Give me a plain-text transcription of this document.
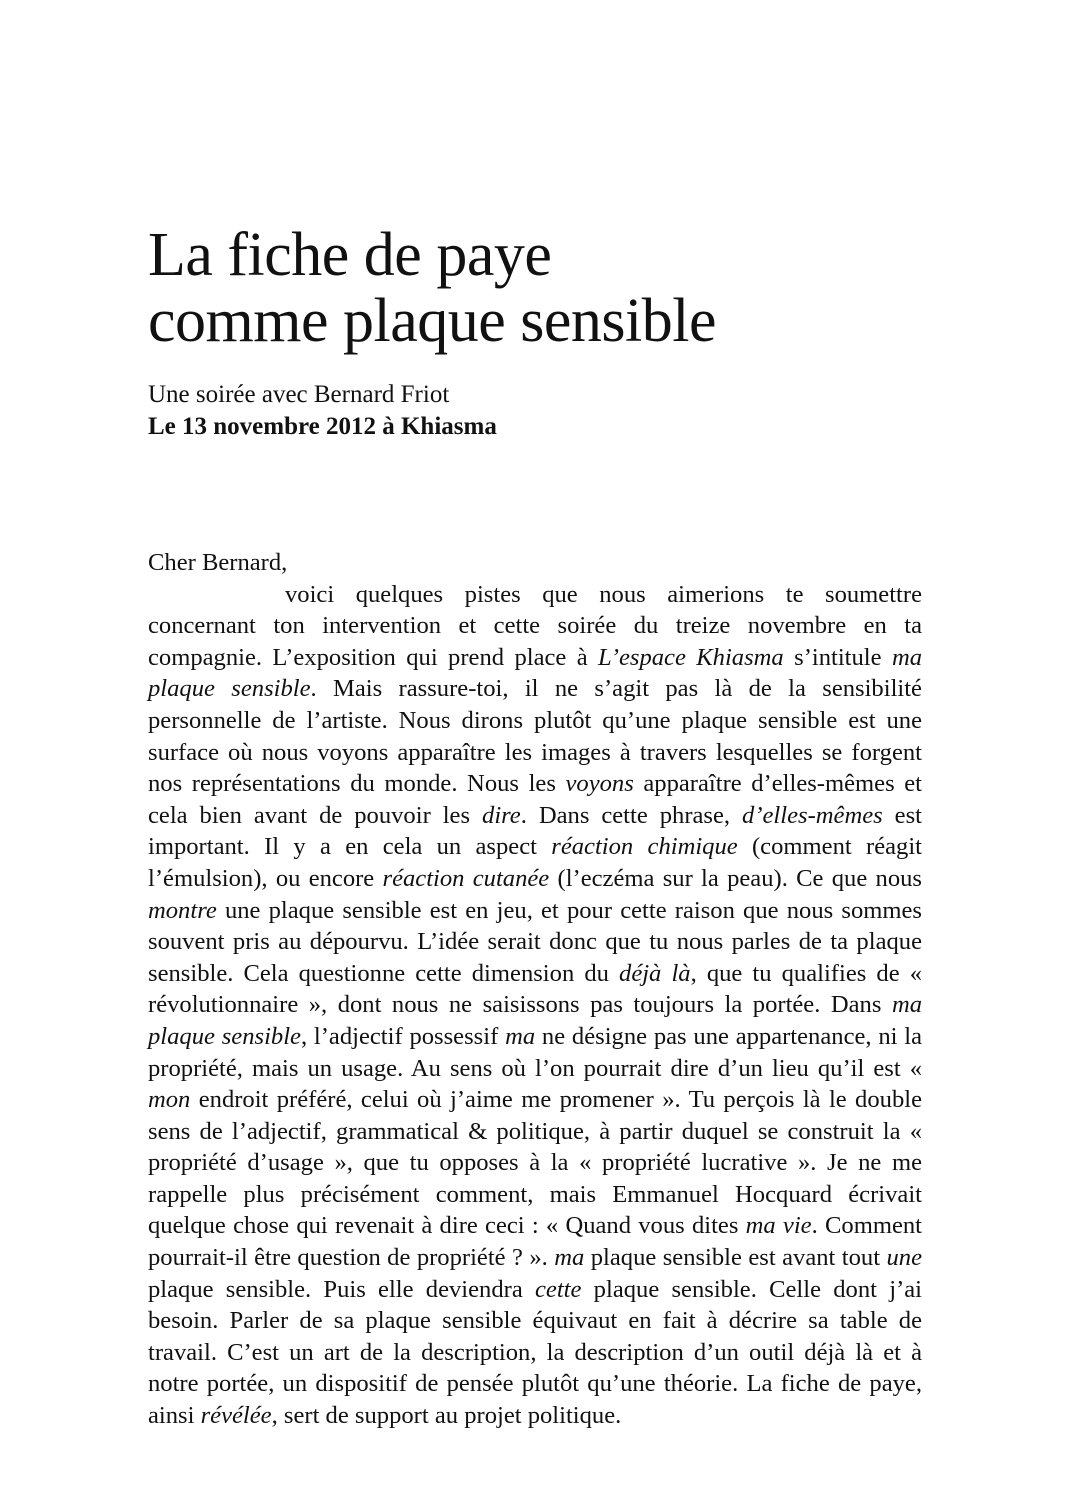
La fiche de paye
comme plaque sensible
Une soirée avec Bernard Friot
Le 13 novembre 2012 à Khiasma
Cher Bernard,

voici quelques pistes que nous aimerions te soumettre concernant ton intervention et cette soirée du treize novembre en ta compagnie. L’exposition qui prend place à L’espace Khiasma s’intitule ma plaque sensible. Mais rassure-toi, il ne s’agit pas là de la sensibilité personnelle de l’artiste. Nous dirons plutôt qu’une plaque sensible est une surface où nous voyons apparaître les images à travers lesquelles se forgent nos représentations du monde. Nous les voyons apparaître d’elles-mêmes et cela bien avant de pouvoir les dire. Dans cette phrase, d’elles-mêmes est important. Il y a en cela un aspect réaction chimique (comment réagit l’émulsion), ou encore réaction cutanée (l’eczéma sur la peau). Ce que nous montre une plaque sensible est en jeu, et pour cette raison que nous sommes souvent pris au dépourvu. L’idée serait donc que tu nous parles de ta plaque sensible. Cela questionne cette dimension du déjà là, que tu qualifies de « révolutionnaire », dont nous ne saisissons pas toujours la portée. Dans ma plaque sensible, l’adjectif possessif ma ne désigne pas une appartenance, ni la propriété, mais un usage. Au sens où l’on pourrait dire d’un lieu qu’il est « mon endroit préféré, celui où j’aime me promener ». Tu perçois là le double sens de l’adjectif, grammatical & politique, à partir duquel se construit la « propriété d’usage », que tu opposes à la « propriété lucrative ». Je ne me rappelle plus précisément comment, mais Emmanuel Hocquard écrivait quelque chose qui revenait à dire ceci : « Quand vous dites ma vie. Comment pourrait-il être question de propriété ? ». ma plaque sensible est avant tout une plaque sensible. Puis elle deviendra cette plaque sensible. Celle dont j’ai besoin. Parler de sa plaque sensible équivaut en fait à décrire sa table de travail. C’est un art de la description, la description d’un outil déjà là et à notre portée, un dispositif de pensée plutôt qu’une théorie. La fiche de paye, ainsi révélée, sert de support au projet politique.
